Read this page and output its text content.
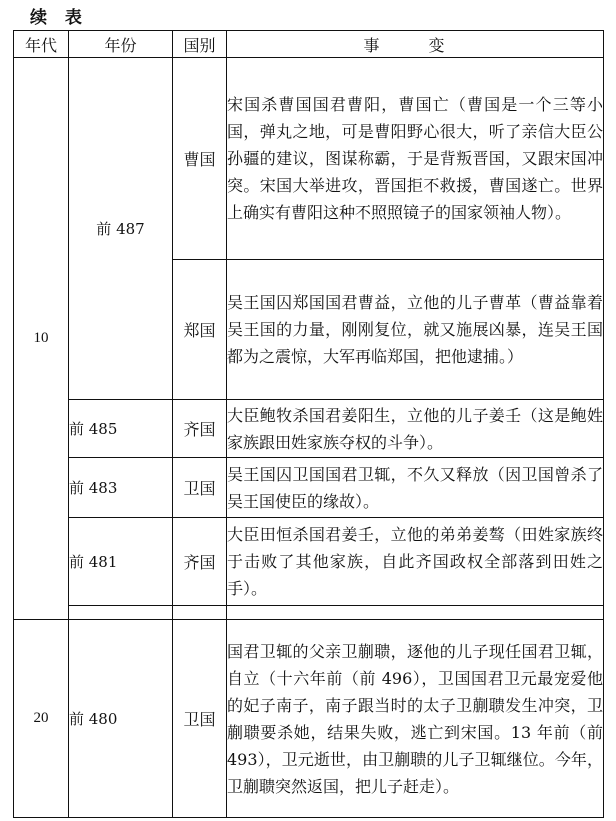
续 表
年代	年份	国别	事 变
10	前 487	曹国	宋国杀曹国国君曹阳，曹国亡（曹国是一个三等小国，弹丸之地，可是曹阳野心很大，听了亲信大臣公孙疆的建议，图谋称霸，于是背叛晋国，又跟宋国冲突。宋国大举进攻，晋国拒不救援，曹国遂亡。世界上确实有曹阳这种不照照镜子的国家领袖人物）。
		郑国	吴王国囚郑国国君曹益，立他的儿子曹革（曹益靠着吴王国的力量，刚刚复位，就又施展凶暴，连吴王国都为之震惊，大军再临郑国，把他逮捕。）
	前 485	齐国	大臣鲍牧杀国君姜阳生，立他的儿子姜壬（这是鲍姓家族跟田姓家族夺权的斗争）。
	前 483	卫国	吴王国囚卫国国君卫辄，不久又释放（因卫国曾杀了吴王国使臣的缘故）。
	前 481	齐国	大臣田恒杀国君姜壬，立他的弟弟姜骜（田姓家族终于击败了其他家族，自此齐国政权全部落到田姓之手）。

20	前 480	卫国	国君卫辄的父亲卫蒯聩，逐他的儿子现任国君卫辄，自立（十六年前（前 496），卫国国君卫元最宠爱他的妃子南子，南子跟当时的太子卫蒯聩发生冲突，卫蒯聩要杀她，结果失败，逃亡到宋国。13 年前（前 493），卫元逝世，由卫蒯聩的儿子卫辄继位。今年，卫蒯聩突然返国，把儿子赶走）。
